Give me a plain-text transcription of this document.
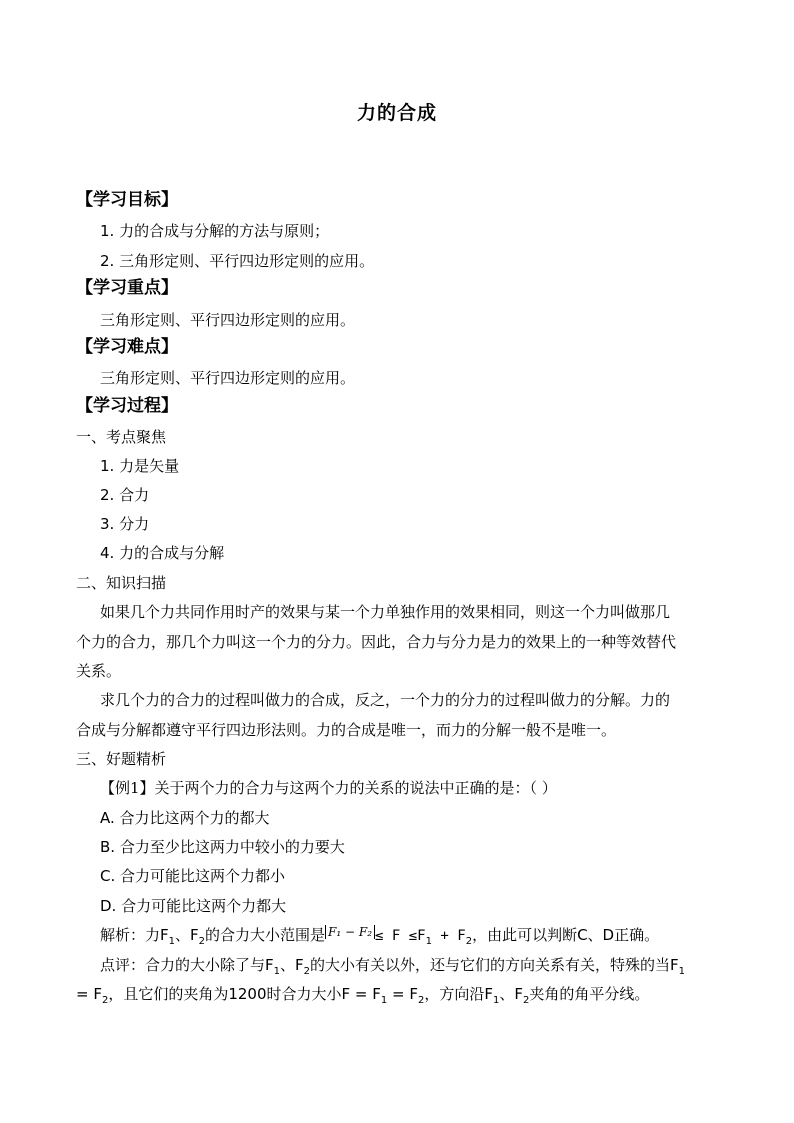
力的合成
【学习目标】
1. 力的合成与分解的方法与原则；
2. 三角形定则、平行四边形定则的应用。
【学习重点】
三角形定则、平行四边形定则的应用。
【学习难点】
三角形定则、平行四边形定则的应用。
【学习过程】
一、考点聚焦
1. 力是矢量
2. 合力
3. 分力
4. 力的合成与分解
二、知识扫描
如果几个力共同作用时产的效果与某一个力单独作用的效果相同，则这一个力叫做那几
个力的合力，那几个力叫这一个力的分力。因此，合力与分力是力的效果上的一种等效替代
关系。
求几个力的合力的过程叫做力的合成，反之，一个力的分力的过程叫做力的分解。力的
合成与分解都遵守平行四边形法则。力的合成是唯一，而力的分解一般不是唯一。
三、好题精析
【例1】关于两个力的合力与这两个力的关系的说法中正确的是：（ ）
A. 合力比这两个力的都大
B. 合力至少比这两力中较小的力要大
C. 合力可能比这两个力都小
D. 合力可能比这两个力都大
解析：力$F_1$、$F_2$的合力大小范围是 $F_1 - F_2 \le F \le F_1 + F_2$，由此可以判断C、D正确。
点评：合力的大小除了与$F_1$、$F_2$的大小有关以外，还与它们的方向关系有关，特殊的当$F_1$
= $F_2$，且它们的夹角为1200时合力大小$F = F_1 = F_2$，方向沿$F_1$、$F_2$夹角的角平分线。
